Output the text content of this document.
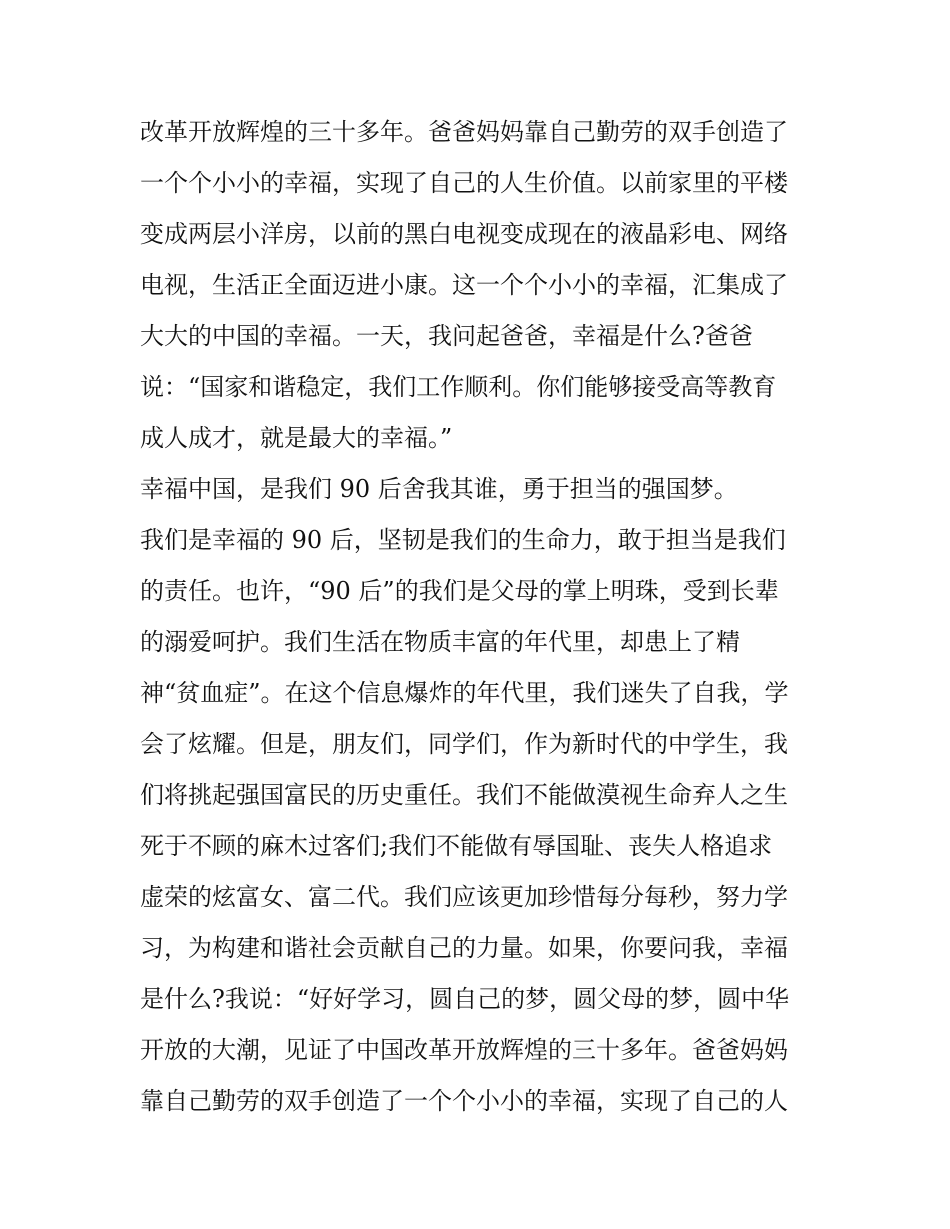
改革开放辉煌的三十多年。爸爸妈妈靠自己勤劳的双手创造了
一个个小小的幸福，实现了自己的人生价值。以前家里的平楼
变成两层小洋房，以前的黑白电视变成现在的液晶彩电、网络
电视，生活正全面迈进小康。这一个个小小的幸福，汇集成了
大大的中国的幸福。一天，我问起爸爸，幸福是什么?爸爸
说：“国家和谐稳定，我们工作顺利。你们能够接受高等教育
成人成才，就是最大的幸福。”
幸福中国，是我们 90 后舍我其谁，勇于担当的强国梦。
我们是幸福的 90 后，坚韧是我们的生命力，敢于担当是我们
的责任。也许，“90 后”的我们是父母的掌上明珠，受到长辈
的溺爱呵护。我们生活在物质丰富的年代里，却患上了精
神“贫血症”。在这个信息爆炸的年代里，我们迷失了自我，学
会了炫耀。但是，朋友们，同学们，作为新时代的中学生，我
们将挑起强国富民的历史重任。我们不能做漠视生命弃人之生
死于不顾的麻木过客们;我们不能做有辱国耻、丧失人格追求
虚荣的炫富女、富二代。我们应该更加珍惜每分每秒，努力学
习，为构建和谐社会贡献自己的力量。如果，你要问我，幸福
是什么?我说：“好好学习，圆自己的梦，圆父母的梦，圆中华
开放的大潮，见证了中国改革开放辉煌的三十多年。爸爸妈妈
靠自己勤劳的双手创造了一个个小小的幸福，实现了自己的人
